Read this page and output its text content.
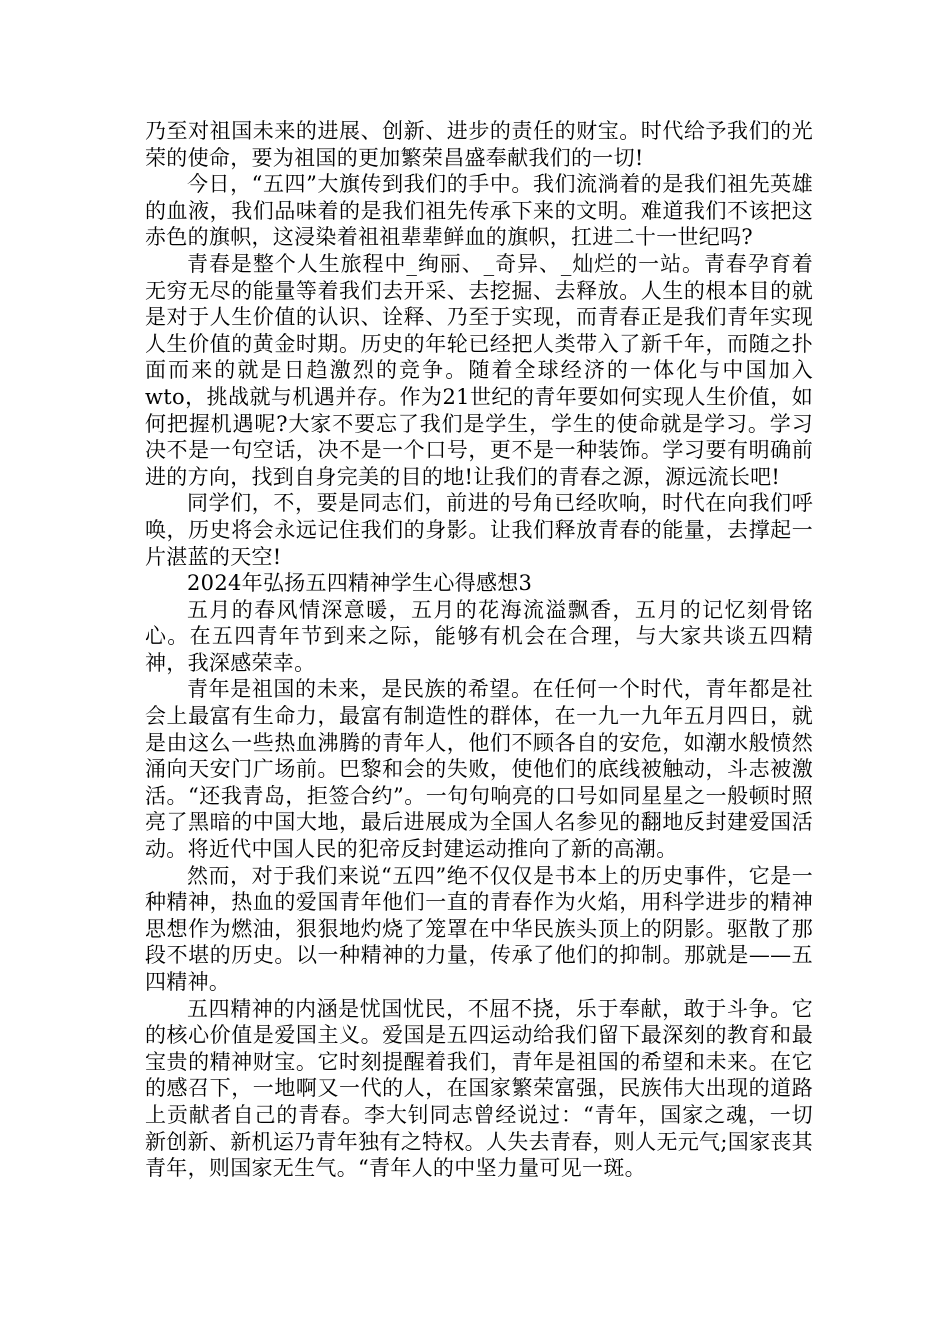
乃至对祖国未来的进展、创新、进步的责任的财宝。时代给予我们的光荣的使命，要为祖国的更加繁荣昌盛奉献我们的一切!

今日，“五四”大旗传到我们的手中。我们流淌着的是我们祖先英雄的血液，我们品味着的是我们祖先传承下来的文明。难道我们不该把这赤色的旗帜，这浸染着祖祖辈辈鲜血的旗帜，扛进二十一世纪吗?

青春是整个人生旅程中_绚丽、_奇异、_灿烂的一站。青春孕育着无穷无尽的能量等着我们去开采、去挖掘、去释放。人生的根本目的就是对于人生价值的认识、诠释、乃至于实现，而青春正是我们青年实现人生价值的黄金时期。历史的年轮已经把人类带入了新千年，而随之扑面而来的就是日趋激烈的竞争。随着全球经济的一体化与中国加入wto，挑战就与机遇并存。作为21世纪的青年要如何实现人生价值，如何把握机遇呢?大家不要忘了我们是学生，学生的使命就是学习。学习决不是一句空话，决不是一个口号，更不是一种装饰。学习要有明确前进的方向，找到自身完美的目的地!让我们的青春之源，源远流长吧!

同学们，不，要是同志们，前进的号角已经吹响，时代在向我们呼唤，历史将会永远记住我们的身影。让我们释放青春的能量，去撑起一片湛蓝的天空!

2024年弘扬五四精神学生心得感想3

五月的春风情深意暖，五月的花海流溢飘香，五月的记忆刻骨铭心。在五四青年节到来之际，能够有机会在合理，与大家共谈五四精神，我深感荣幸。

青年是祖国的未来，是民族的希望。在任何一个时代，青年都是社会上最富有生命力，最富有制造性的群体，在一九一九年五月四日，就是由这么一些热血沸腾的青年人，他们不顾各自的安危，如潮水般愤然涌向天安门广场前。巴黎和会的失败，使他们的底线被触动，斗志被激活。“还我青岛，拒签合约”。一句句响亮的口号如同星星之一般顿时照亮了黑暗的中国大地，最后进展成为全国人名参见的翻地反封建爱国活动。将近代中国人民的犯帝反封建运动推向了新的高潮。

然而，对于我们来说“五四”绝不仅仅是书本上的历史事件，它是一种精神，热血的爱国青年他们一直的青春作为火焰，用科学进步的精神思想作为燃油，狠狠地灼烧了笼罩在中华民族头顶上的阴影。驱散了那段不堪的历史。以一种精神的力量，传承了他们的抑制。那就是——五四精神。

五四精神的内涵是忧国忧民，不屈不挠，乐于奉献，敢于斗争。它的核心价值是爱国主义。爱国是五四运动给我们留下最深刻的教育和最宝贵的精神财宝。它时刻提醒着我们，青年是祖国的希望和未来。在它的感召下，一地啊又一代的人，在国家繁荣富强，民族伟大出现的道路上贡献者自己的青春。李大钊同志曾经说过：“青年，国家之魂，一切新创新、新机运乃青年独有之特权。人失去青春，则人无元气;国家丧其青年，则国家无生气。“青年人的中坚力量可见一斑。
